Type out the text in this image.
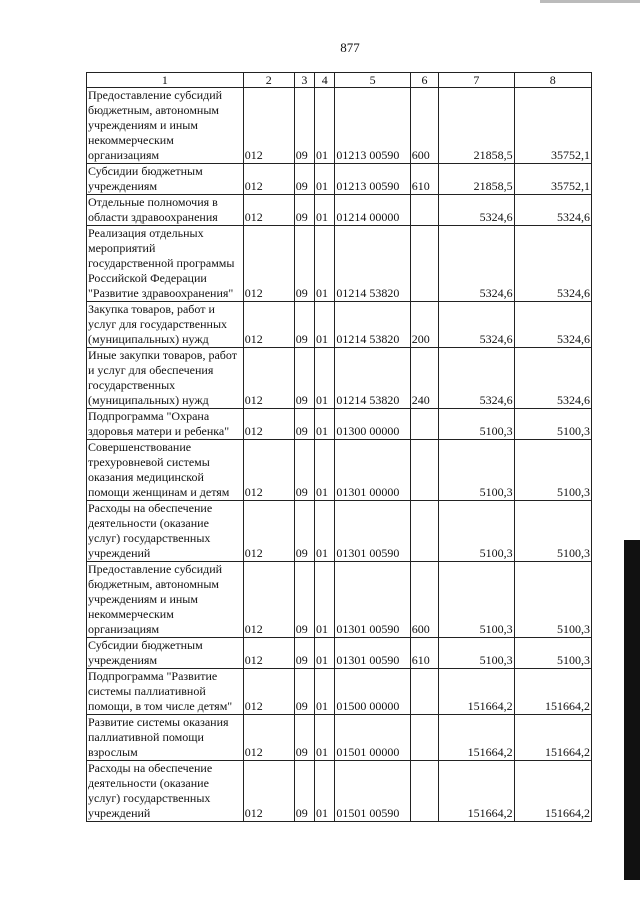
877
1	2	3	4	5	6	7	8
Предоставление субсидий бюджетным, автономным учреждениям и иным некоммерческим организациям	012	09	01	01213 00590	600	21858,5	35752,1
Субсидии бюджетным учреждениям	012	09	01	01213 00590	610	21858,5	35752,1
Отдельные полномочия в области здравоохранения	012	09	01	01214 00000		5324,6	5324,6
Реализация отдельных мероприятий государственной программы Российской Федерации "Развитие здравоохранения"	012	09	01	01214 53820		5324,6	5324,6
Закупка товаров, работ и услуг для государственных (муниципальных) нужд	012	09	01	01214 53820	200	5324,6	5324,6
Иные закупки товаров, работ и услуг для обеспечения государственных (муниципальных) нужд	012	09	01	01214 53820	240	5324,6	5324,6
Подпрограмма "Охрана здоровья матери и ребенка"	012	09	01	01300 00000		5100,3	5100,3
Совершенствование трехуровневой системы оказания медицинской помощи женщинам и детям	012	09	01	01301 00000		5100,3	5100,3
Расходы на обеспечение деятельности (оказание услуг) государственных учреждений	012	09	01	01301 00590		5100,3	5100,3
Предоставление субсидий бюджетным, автономным учреждениям и иным некоммерческим организациям	012	09	01	01301 00590	600	5100,3	5100,3
Субсидии бюджетным учреждениям	012	09	01	01301 00590	610	5100,3	5100,3
Подпрограмма "Развитие системы паллиативной помощи, в том числе детям"	012	09	01	01500 00000		151664,2	151664,2
Развитие системы оказания паллиативной помощи взрослым	012	09	01	01501 00000		151664,2	151664,2
Расходы на обеспечение деятельности (оказание услуг) государственных учреждений	012	09	01	01501 00590		151664,2	151664,2
